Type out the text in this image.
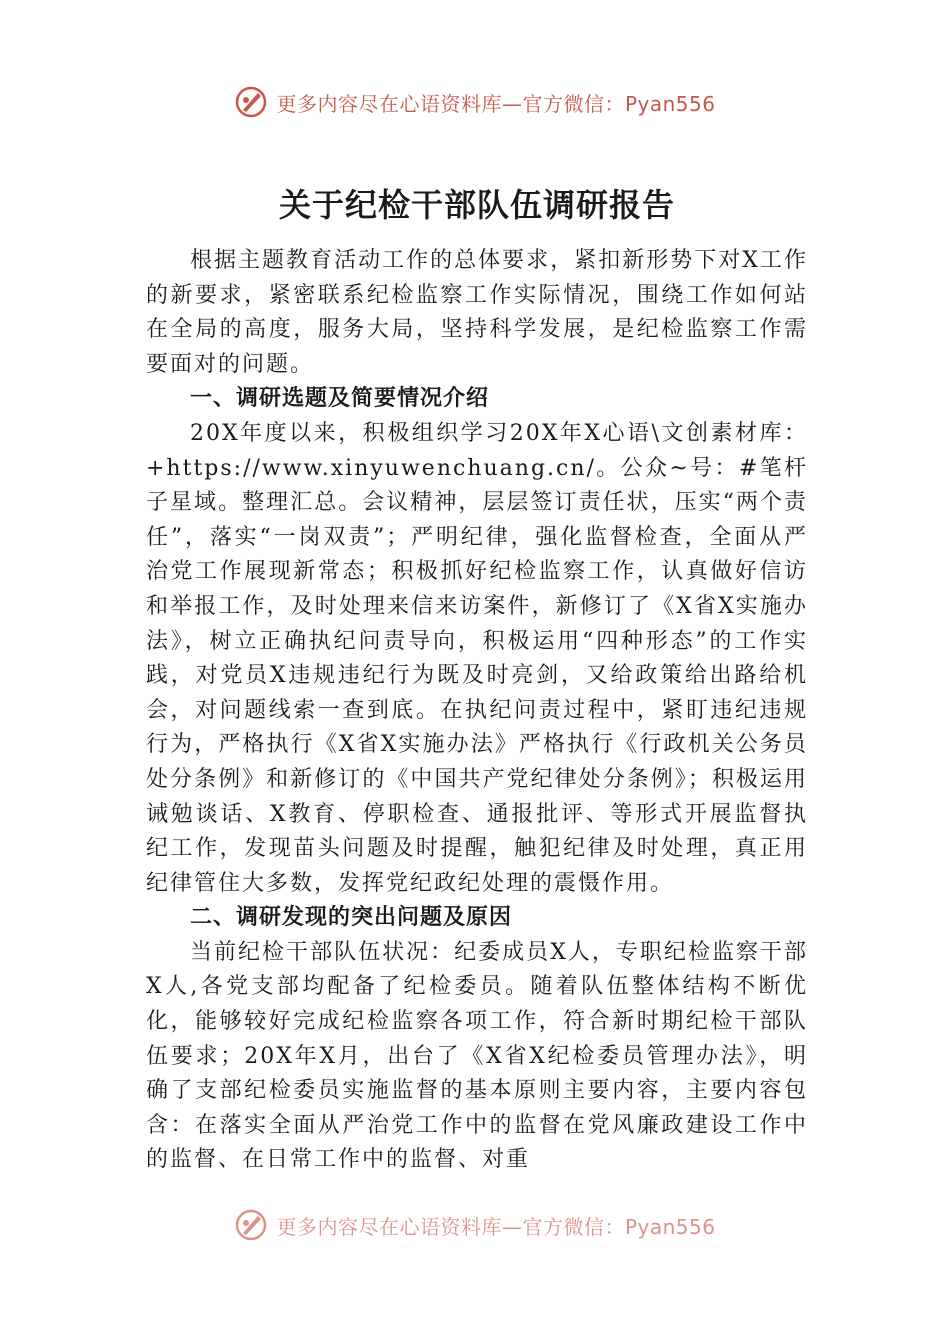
更多内容尽在心语资料库—官方微信：Pyan556
关于纪检干部队伍调研报告

根据主题教育活动工作的总体要求，紧扣新形势下对X工作的新要求，紧密联系纪检监察工作实际情况，围绕工作如何站在全局的高度，服务大局，坚持科学发展，是纪检监察工作需要面对的问题。

一、调研选题及简要情况介绍

20X年度以来，积极组织学习20X年X心语\文创素材库：+https://www.xinyuwenchuang.cn/。公众~号：#笔杆子星域。整理汇总。会议精神，层层签订责任状，压实“两个责任”，落实“一岗双责”；严明纪律，强化监督检查，全面从严治党工作展现新常态；积极抓好纪检监察工作，认真做好信访和举报工作，及时处理来信来访案件，新修订了《X省X实施办法》，树立正确执纪问责导向，积极运用“四种形态”的工作实践，对党员X违规违纪行为既及时亮剑，又给政策给出路给机会，对问题线索一查到底。在执纪问责过程中，紧盯违纪违规行为，严格执行《X省X实施办法》严格执行《行政机关公务员处分条例》和新修订的《中国共产党纪律处分条例》；积极运用诫勉谈话、X教育、停职检查、通报批评、等形式开展监督执纪工作，发现苗头问题及时提醒，触犯纪律及时处理，真正用纪律管住大多数，发挥党纪政纪处理的震慑作用。

二、调研发现的突出问题及原因

当前纪检干部队伍状况：纪委成员X人，专职纪检监察干部X人,各党支部均配备了纪检委员。随着队伍整体结构不断优化，能够较好完成纪检监察各项工作，符合新时期纪检干部队伍要求；20X年X月，出台了《X省X纪检委员管理办法》，明确了支部纪检委员实施监督的基本原则主要内容，主要内容包含：在落实全面从严治党工作中的监督在党风廉政建设工作中的监督、在日常工作中的监督、对重

更多内容尽在心语资料库—官方微信：Pyan556
